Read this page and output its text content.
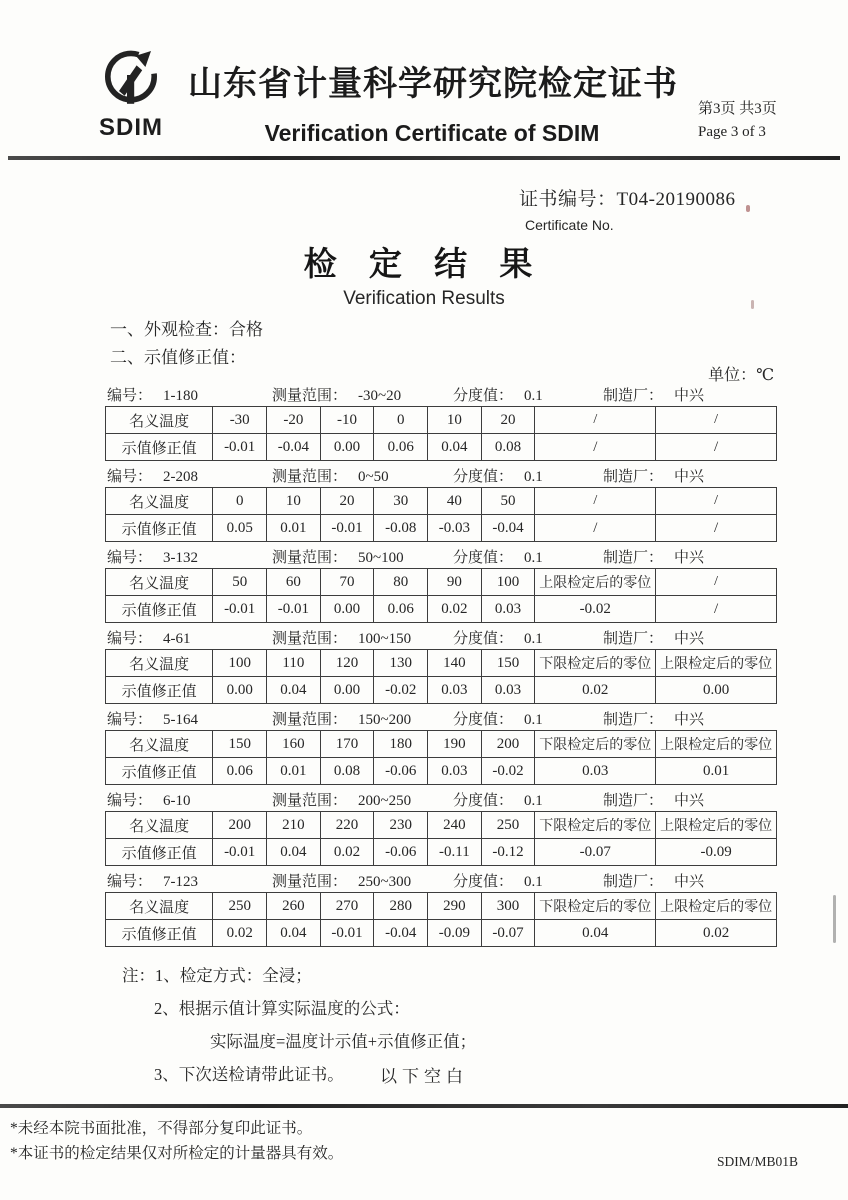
SDIM
山东省计量科学研究院检定证书
Verification Certificate of SDIM
第3页 共3页
Page 3 of 3
证书编号：T04-20190086
Certificate No.
检 定 结 果
Verification Results
一、外观检查：合格
二、示值修正值：
单位：℃
编号： 1-180	测量范围： -30~20	分度值： 0.1	制造厂： 中兴
名义温度	-30	-20	-10	0	10	20	/	/
示值修正值	-0.01	-0.04	0.00	0.06	0.04	0.08	/	/
编号： 2-208	测量范围： 0~50	分度值： 0.1	制造厂： 中兴
名义温度	0	10	20	30	40	50	/	/
示值修正值	0.05	0.01	-0.01	-0.08	-0.03	-0.04	/	/
编号： 3-132	测量范围： 50~100	分度值： 0.1	制造厂： 中兴
名义温度	50	60	70	80	90	100	上限检定后的零位	/
示值修正值	-0.01	-0.01	0.00	0.06	0.02	0.03	-0.02	/
编号： 4-61	测量范围： 100~150	分度值： 0.1	制造厂： 中兴
名义温度	100	110	120	130	140	150	下限检定后的零位	上限检定后的零位
示值修正值	0.00	0.04	0.00	-0.02	0.03	0.03	0.02	0.00
编号： 5-164	测量范围： 150~200	分度值： 0.1	制造厂： 中兴
名义温度	150	160	170	180	190	200	下限检定后的零位	上限检定后的零位
示值修正值	0.06	0.01	0.08	-0.06	0.03	-0.02	0.03	0.01
编号： 6-10	测量范围： 200~250	分度值： 0.1	制造厂： 中兴
名义温度	200	210	220	230	240	250	下限检定后的零位	上限检定后的零位
示值修正值	-0.01	0.04	0.02	-0.06	-0.11	-0.12	-0.07	-0.09
编号： 7-123	测量范围： 250~300	分度值： 0.1	制造厂： 中兴
名义温度	250	260	270	280	290	300	下限检定后的零位	上限检定后的零位
示值修正值	0.02	0.04	-0.01	-0.04	-0.09	-0.07	0.04	0.02
注：1、检定方式：全浸；
2、根据示值计算实际温度的公式：
实际温度=温度计示值+示值修正值；
3、下次送检请带此证书。	以下空白
*未经本院书面批准，不得部分复印此证书。
*本证书的检定结果仅对所检定的计量器具有效。	SDIM/MB01B
